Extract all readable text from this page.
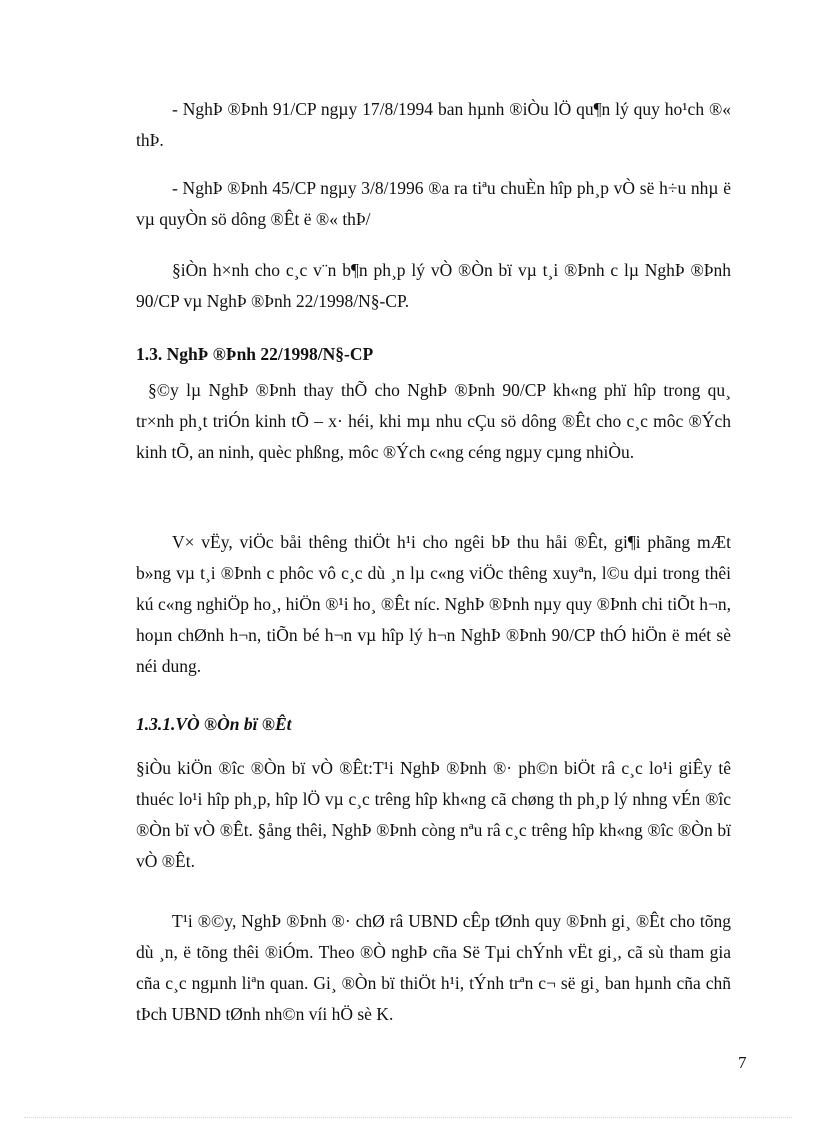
- NghÞ ®Þnh 91/CP ngµy 17/8/1994 ban hµnh ®iÒu lÖ qu¶n lý quy ho¹ch ®« thÞ.

- NghÞ ®Þnh 45/CP ngµy 3/8/1996 ®a ra tiªu chuÈn hîp ph¸p vÒ së h÷u nhµ ë vµ quyÒn sö dông ®Êt ë ®« thÞ/

§iÒn h×nh cho c¸c v¨n b¶n ph¸p lý vÒ ®Òn bï vµ t¸i ®Þnh c lµ NghÞ ®Þnh 90/CP vµ NghÞ ®Þnh 22/1998/N§-CP.

1.3. NghÞ ®Þnh 22/1998/N§-CP

§©y lµ NghÞ ®Þnh thay thÕ cho NghÞ ®Þnh 90/CP kh«ng phï hîp trong qu¸ tr×nh ph¸t triÓn kinh tÕ – x· héi, khi mµ nhu cÇu sö dông ®Êt cho c¸c môc ®Ých kinh tÕ, an ninh, quèc phßng, môc ®Ých c«ng céng ngµy cµng nhiÒu.

V× vËy, viÖc båi thêng thiÖt h¹i cho ngêi bÞ thu håi ®Êt, gi¶i phãng mÆt b»ng vµ t¸i ®Þnh c phôc vô c¸c dù ¸n lµ c«ng viÖc thêng xuyªn, l©u dµi trong thêi kú c«ng nghiÖp ho¸, hiÖn ®¹i ho¸ ®Êt níc. NghÞ ®Þnh nµy quy ®Þnh chi tiÕt h¬n, hoµn chØnh h¬n, tiÕn bé h¬n vµ hîp lý h¬n NghÞ ®Þnh 90/CP thÓ hiÖn ë mét sè néi dung.

1.3.1.VÒ ®Òn bï ®Êt

§iÒu kiÖn ®îc ®Òn bï vÒ ®Êt:T¹i NghÞ ®Þnh ®· ph©n biÖt râ c¸c lo¹i giÊy tê thuéc lo¹i hîp ph¸p, hîp lÖ vµ c¸c trêng hîp kh«ng cã chøng th ph¸p lý nhng vÉn ®îc ®Òn bï vÒ ®Êt. §ång thêi, NghÞ ®Þnh còng nªu râ c¸c trêng hîp kh«ng ®îc ®Òn bï vÒ ®Êt.

T¹i ®©y, NghÞ ®Þnh ®· chØ râ UBND cÊp tØnh quy ®Þnh gi¸ ®Êt cho tõng dù ¸n, ë tõng thêi ®iÓm. Theo ®Ò nghÞ cña Së Tµi chÝnh vËt gi¸, cã sù tham gia cña c¸c ngµnh liªn quan. Gi¸ ®Òn bï thiÖt h¹i, tÝnh trªn c¬ së gi¸ ban hµnh cña chñ tÞch UBND tØnh nh©n víi hÖ sè K.

7
